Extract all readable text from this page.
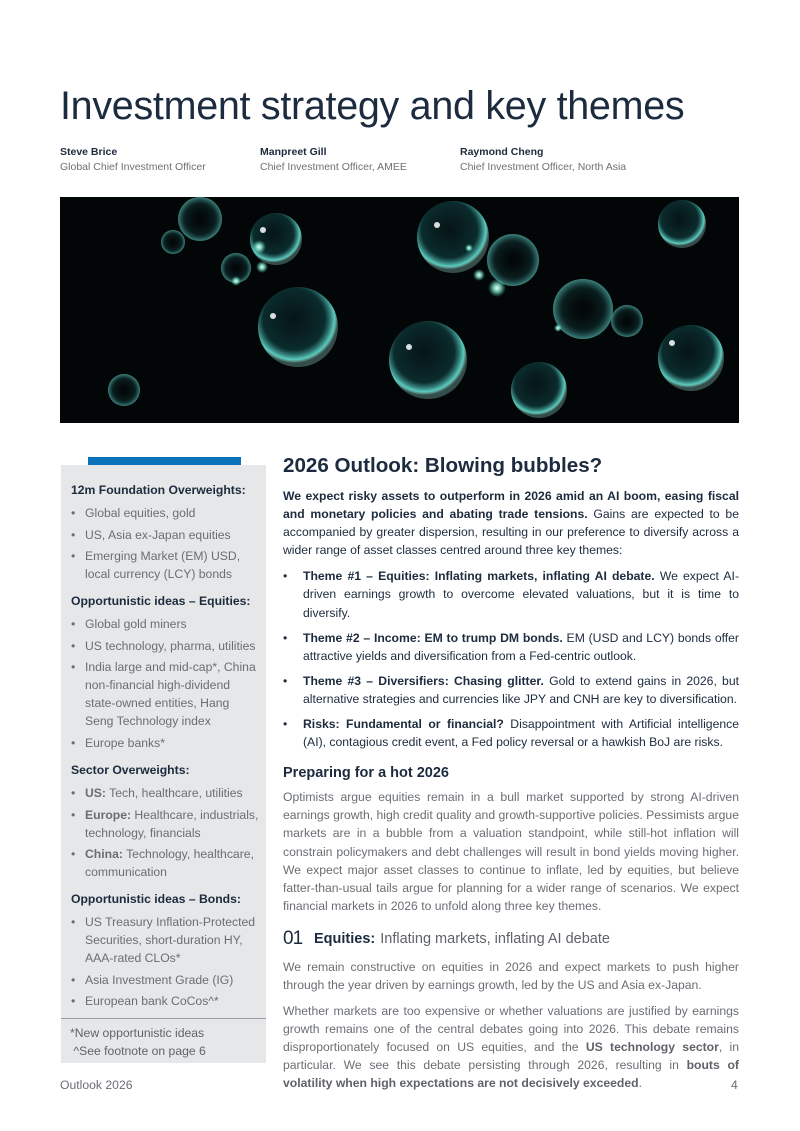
Investment strategy and key themes
Steve Brice
Global Chief Investment Officer
Manpreet Gill
Chief Investment Officer, AMEE
Raymond Cheng
Chief Investment Officer, North Asia
12m Foundation Overweights:
• Global equities, gold
• US, Asia ex-Japan equities
• Emerging Market (EM) USD, local currency (LCY) bonds
Opportunistic ideas – Equities:
• Global gold miners
• US technology, pharma, utilities
• India large and mid-cap*, China non-financial high-dividend state-owned entities, Hang Seng Technology index
• Europe banks*
Sector Overweights:
• US: Tech, healthcare, utilities
• Europe: Healthcare, industrials, technology, financials
• China: Technology, healthcare, communication
Opportunistic ideas – Bonds:
• US Treasury Inflation-Protected Securities, short-duration HY, AAA-rated CLOs*
• Asia Investment Grade (IG)
• European bank CoCos^*
*New opportunistic ideas
^See footnote on page 6
2026 Outlook: Blowing bubbles?

We expect risky assets to outperform in 2026 amid an AI boom, easing fiscal and monetary policies and abating trade tensions. Gains are expected to be accompanied by greater dispersion, resulting in our preference to diversify across a wider range of asset classes centred around three key themes:

• Theme #1 – Equities: Inflating markets, inflating AI debate. We expect AI-driven earnings growth to overcome elevated valuations, but it is time to diversify.
• Theme #2 – Income: EM to trump DM bonds. EM (USD and LCY) bonds offer attractive yields and diversification from a Fed-centric outlook.
• Theme #3 – Diversifiers: Chasing glitter. Gold to extend gains in 2026, but alternative strategies and currencies like JPY and CNH are key to diversification.
• Risks: Fundamental or financial? Disappointment with Artificial intelligence (AI), contagious credit event, a Fed policy reversal or a hawkish BoJ are risks.
Preparing for a hot 2026

Optimists argue equities remain in a bull market supported by strong AI-driven earnings growth, high credit quality and growth-supportive policies. Pessimists argue markets are in a bubble from a valuation standpoint, while still-hot inflation will constrain policymakers and debt challenges will result in bond yields moving higher. We expect major asset classes to continue to inflate, led by equities, but believe fatter-than-usual tails argue for planning for a wider range of scenarios. We expect financial markets in 2026 to unfold along three key themes.

01 Equities: Inflating markets, inflating AI debate

We remain constructive on equities in 2026 and expect markets to push higher through the year driven by earnings growth, led by the US and Asia ex-Japan.

Whether markets are too expensive or whether valuations are justified by earnings growth remains one of the central debates going into 2026. This debate remains disproportionately focused on US equities, and the US technology sector, in particular. We see this debate persisting through 2026, resulting in bouts of volatility when high expectations are not decisively exceeded.

Outlook 2026	4
